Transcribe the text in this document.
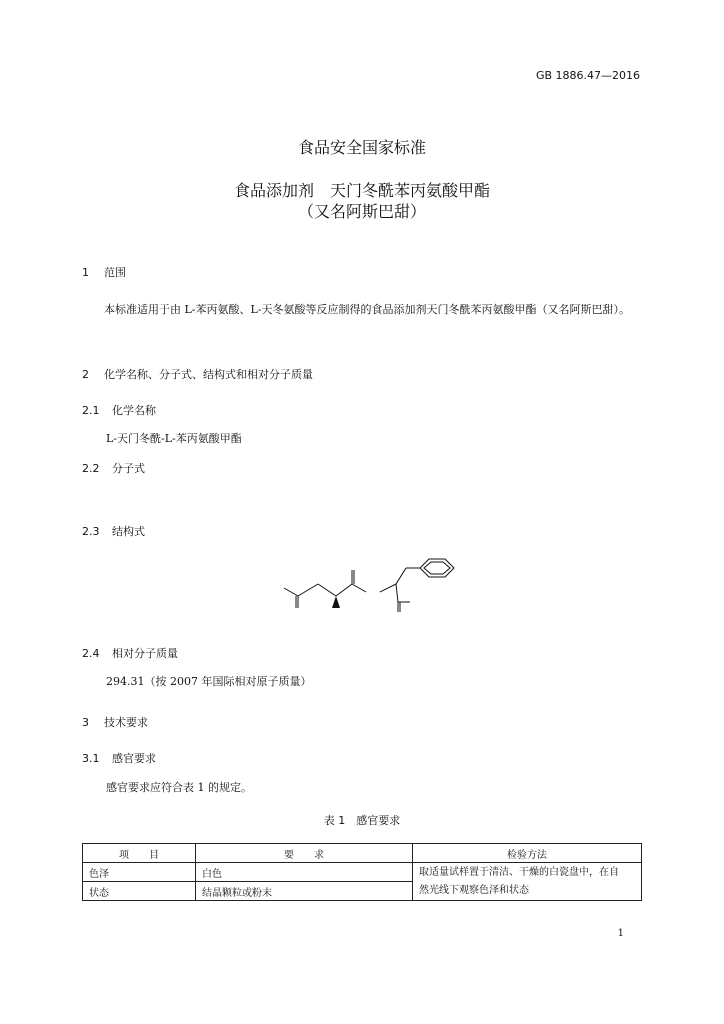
GB 1886.47—2016
食品安全国家标准
食品添加剂　天门冬酰苯丙氨酸甲酯
（又名阿斯巴甜）
1 范围
本标准适用于由 L-苯丙氨酸、L-天冬氨酸等反应制得的食品添加剂天门冬酰苯丙氨酸甲酯（又名阿斯巴甜）。
2 化学名称、分子式、结构式和相对分子质量
2.1 化学名称
L-天门冬酰-L-苯丙氨酸甲酯
2.2 分子式
2.3 结构式
2.4 相对分子质量
294.31（按 2007 年国际相对原子质量）
3 技术要求
3.1 感官要求
感官要求应符合表 1 的规定。
表 1　感官要求
项　　目	要　　求	检验方法
色泽	白色	取适量试样置于清洁、干燥的白瓷盘中，在自
然光线下观察色泽和状态

状态	结晶颗粒或粉末	
1
